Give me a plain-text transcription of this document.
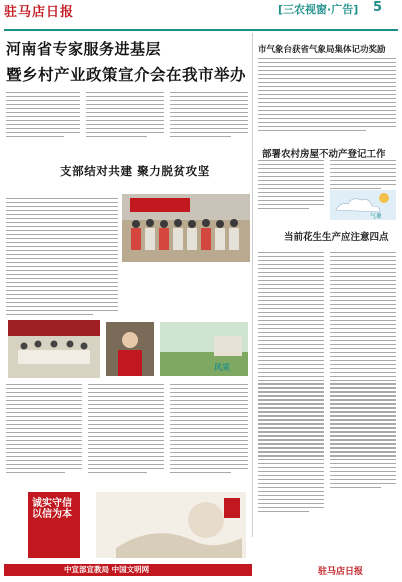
驻马店日报	[三农视窗·广告] 5
河南省专家服务进基层
暨乡村产业政策宣介会在我市举办
市气象台获省气象局集体记功奖励
部署农村房屋不动产登记工作
气象
支部结对共建 聚力脱贫攻坚
风采
当前花生生产应注意四点
诚实守信 以信为本
中宣部宣教局 中国文明网	驻马店日报
